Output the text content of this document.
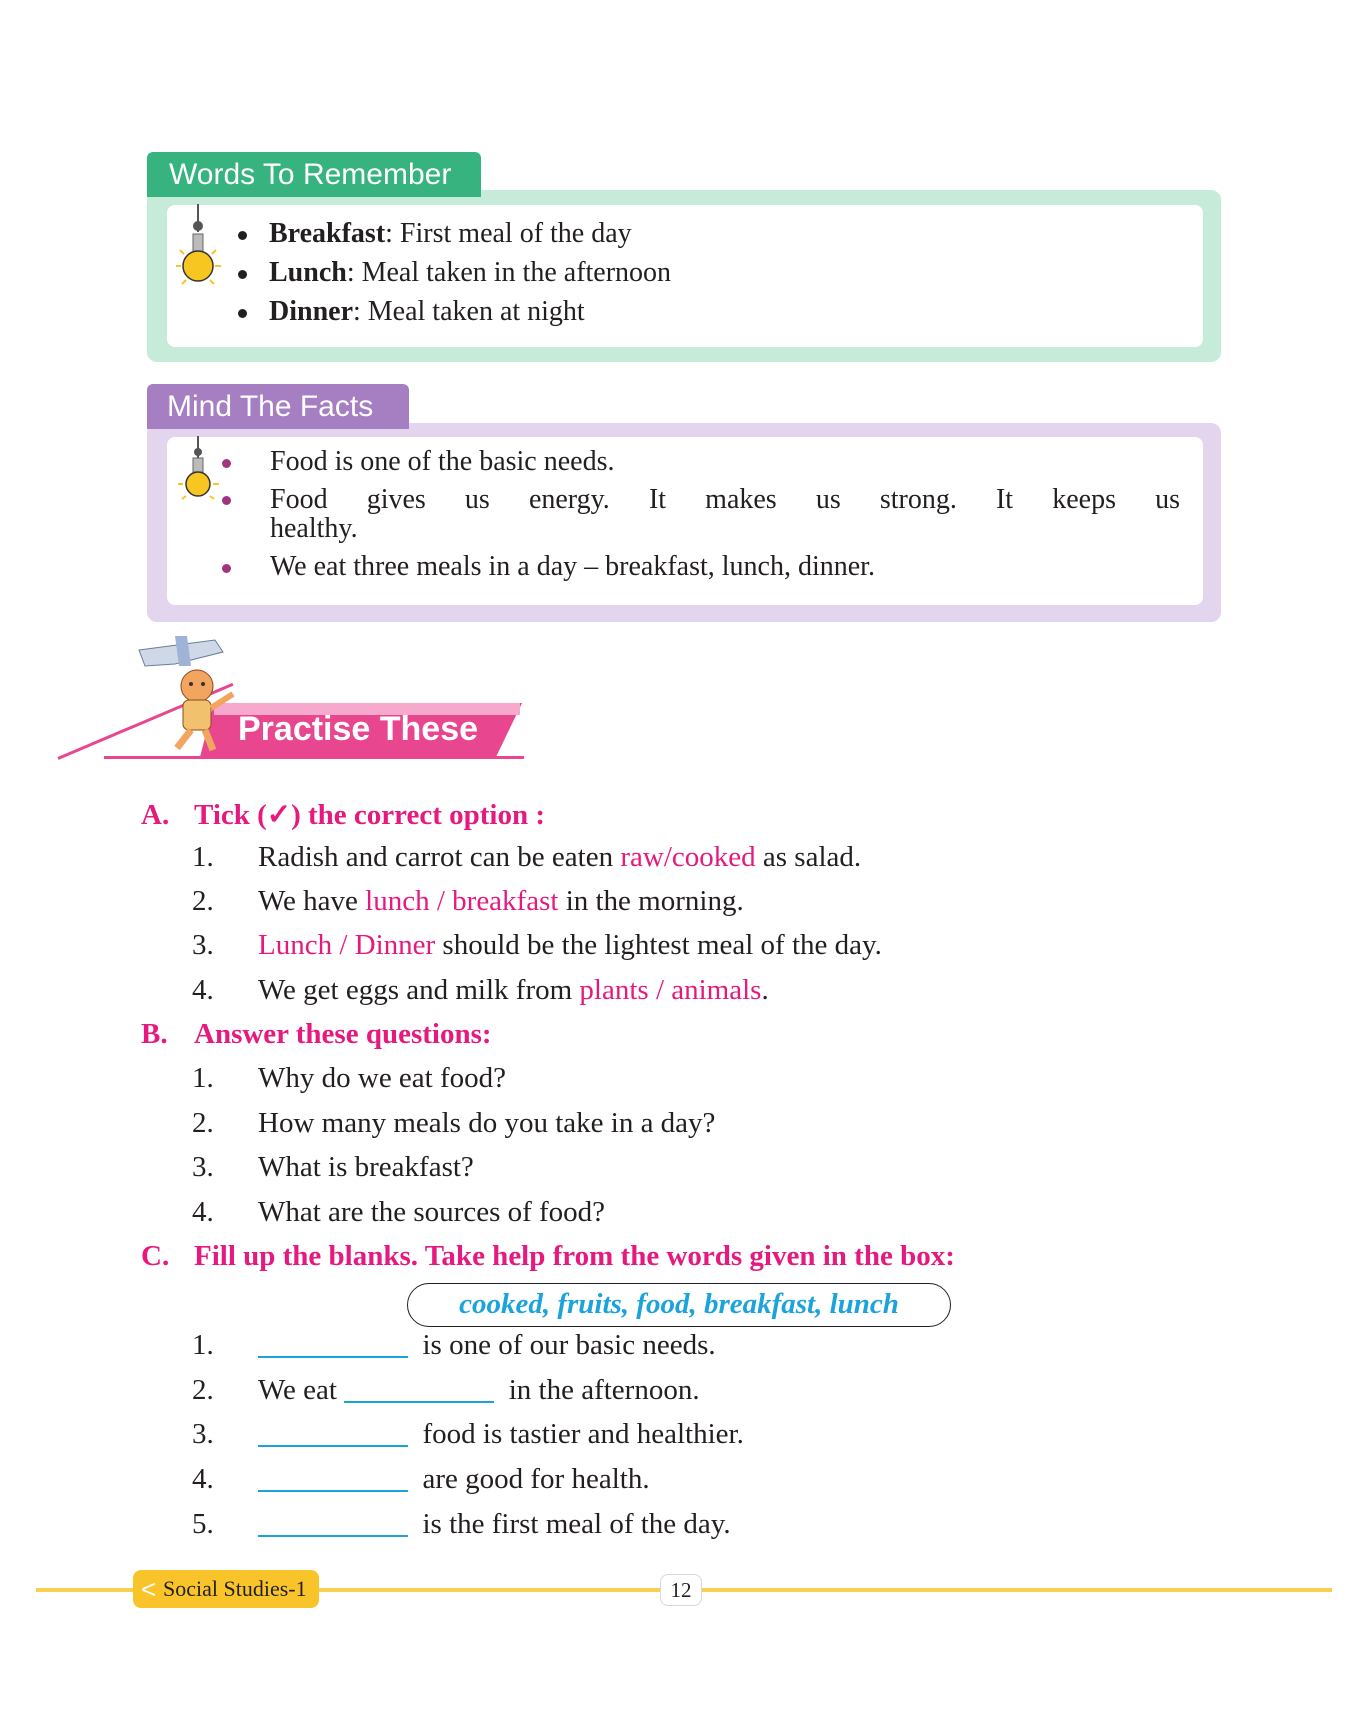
Words To Remember
Breakfast: First meal of the day
Lunch: Meal taken in the afternoon
Dinner: Meal taken at night
Mind The Facts
Food is one of the basic needs.
Food gives us energy. It makes us strong. It keeps us
healthy.
We eat three meals in a day – breakfast, lunch, dinner.
Practise These
A. Tick (✓) the correct option :
1. Radish and carrot can be eaten raw/cooked as salad.
2. We have lunch / breakfast in the morning.
3. Lunch / Dinner should be the lightest meal of the day.
4. We get eggs and milk from plants / animals.
B. Answer these questions:
1. Why do we eat food?
2. How many meals do you take in a day?
3. What is breakfast?
4. What are the sources of food?
C. Fill up the blanks. Take help from the words given in the box:
cooked, fruits, food, breakfast, lunch
1.	is one of our basic needs.
2. We eat	in the afternoon.
3.	food is tastier and healthier.
4.	are good for health.
5.	is the first meal of the day.
Social Studies-1
<	12
